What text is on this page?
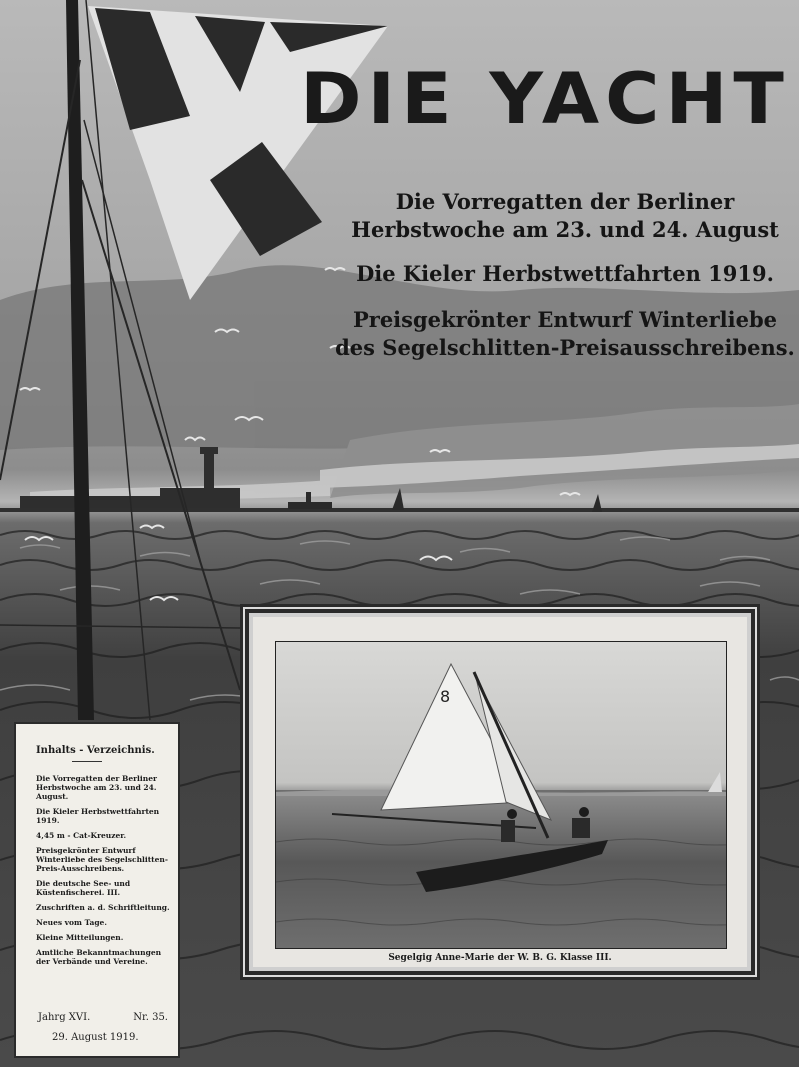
DIE YACHT
Die Vorregatten der Berliner Herbstwoche am 23. und 24. August
Die Kieler Herbstwettfahrten 1919.
Preisgekrönter Entwurf Winterliebe des Segelschlitten-Preisausschreibens.
8
Segelgig Anne-Marie der W. B. G. Klasse III.
Inhalts - Verzeichnis.
Die Vorregatten der Berliner Herbstwoche am 23. und 24. August.
Die Kieler Herbstwettfahrten 1919.
4,45 m - Cat-Kreuzer.
Preisgekrönter Entwurf Winterliebe des Segelschlitten-Preis-Ausschreibens.
Die deutsche See- und Küstenfischerei. III.
Zuschriften a. d. Schriftleitung.
Neues vom Tage.
Kleine Mitteilungen.
Amtliche Bekanntmachungen der Verbände und Vereine.
Jahrg XVI.	Nr. 35.
29. August 1919.
